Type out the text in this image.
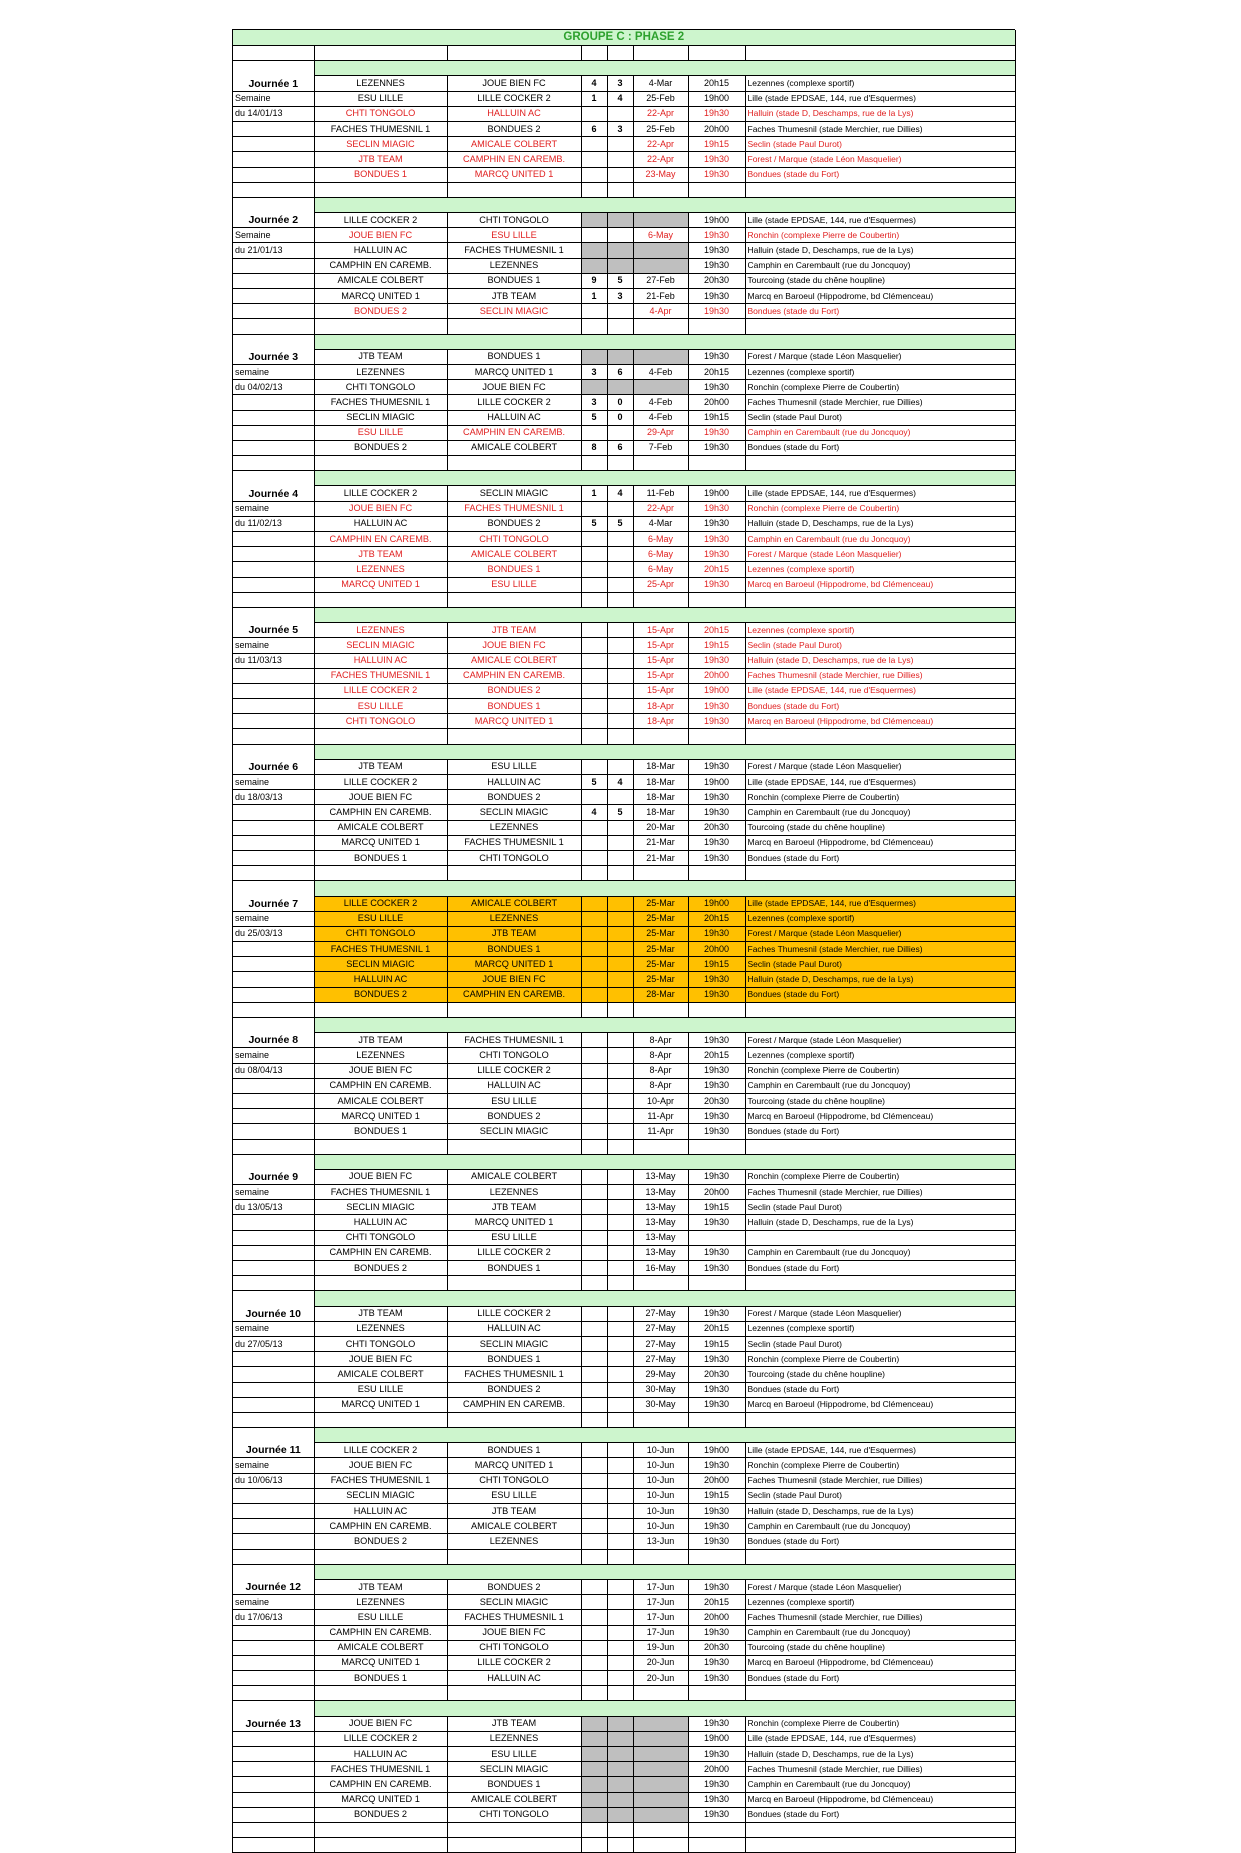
GROUPE C : PHASE 2							

Journée 1							
	LEZENNES	JOUE BIEN FC	4	3	4-Mar	20h15	Lezennes (complexe sportif)
Semaine	ESU LILLE	LILLE COCKER 2	1	4	25-Feb	19h00	Lille (stade EPDSAE, 144, rue d'Esquermes)
du 14/01/13	CHTI TONGOLO	HALLUIN AC			22-Apr	19h30	Halluin (stade D, Deschamps, rue de la Lys)
	FACHES THUMESNIL 1	BONDUES 2	6	3	25-Feb	20h00	Faches Thumesnil (stade Merchier, rue Dillies)
	SECLIN MIAGIC	AMICALE COLBERT			22-Apr	19h15	Seclin (stade Paul Durot)
	JTB TEAM	CAMPHIN EN CAREMB.			22-Apr	19h30	Forest / Marque (stade Léon Masquelier)
	BONDUES 1	MARCQ UNITED 1			23-May	19h30	Bondues (stade du Fort)

Journée 2							
	LILLE COCKER 2	CHTI TONGOLO				19h00	Lille (stade EPDSAE, 144, rue d'Esquermes)
Semaine	JOUE BIEN FC	ESU LILLE			6-May	19h30	Ronchin (complexe Pierre de Coubertin)
du 21/01/13	HALLUIN AC	FACHES THUMESNIL 1				19h30	Halluin (stade D, Deschamps, rue de la Lys)
	CAMPHIN EN CAREMB.	LEZENNES				19h30	Camphin en Carembault (rue du Joncquoy)
	AMICALE COLBERT	BONDUES 1	9	5	27-Feb	20h30	Tourcoing (stade du chêne houpline)
	MARCQ UNITED 1	JTB TEAM	1	3	21-Feb	19h30	Marcq en Baroeul (Hippodrome, bd Clémenceau)
	BONDUES 2	SECLIN MIAGIC			4-Apr	19h30	Bondues (stade du Fort)

Journée 3							
	JTB TEAM	BONDUES 1				19h30	Forest / Marque (stade Léon Masquelier)
semaine	LEZENNES	MARCQ UNITED 1	3	6	4-Feb	20h15	Lezennes (complexe sportif)
du 04/02/13	CHTI TONGOLO	JOUE BIEN FC				19h30	Ronchin (complexe Pierre de Coubertin)
	FACHES THUMESNIL 1	LILLE COCKER 2	3	0	4-Feb	20h00	Faches Thumesnil (stade Merchier, rue Dillies)
	SECLIN MIAGIC	HALLUIN AC	5	0	4-Feb	19h15	Seclin (stade Paul Durot)
	ESU LILLE	CAMPHIN EN CAREMB.			29-Apr	19h30	Camphin en Carembault (rue du Joncquoy)
	BONDUES 2	AMICALE COLBERT	8	6	7-Feb	19h30	Bondues (stade du Fort)

Journée 4							
	LILLE COCKER 2	SECLIN MIAGIC	1	4	11-Feb	19h00	Lille (stade EPDSAE, 144, rue d'Esquermes)
semaine	JOUE BIEN FC	FACHES THUMESNIL 1			22-Apr	19h30	Ronchin (complexe Pierre de Coubertin)
du 11/02/13	HALLUIN AC	BONDUES 2	5	5	4-Mar	19h30	Halluin (stade D, Deschamps, rue de la Lys)
	CAMPHIN EN CAREMB.	CHTI TONGOLO			6-May	19h30	Camphin en Carembault (rue du Joncquoy)
	JTB TEAM	AMICALE COLBERT			6-May	19h30	Forest / Marque (stade Léon Masquelier)
	LEZENNES	BONDUES 1			6-May	20h15	Lezennes (complexe sportif)
	MARCQ UNITED 1	ESU LILLE			25-Apr	19h30	Marcq en Baroeul (Hippodrome, bd Clémenceau)

Journée 5							
	LEZENNES	JTB TEAM			15-Apr	20h15	Lezennes (complexe sportif)
semaine	SECLIN MIAGIC	JOUE BIEN FC			15-Apr	19h15	Seclin (stade Paul Durot)
du 11/03/13	HALLUIN AC	AMICALE COLBERT			15-Apr	19h30	Halluin (stade D, Deschamps, rue de la Lys)
	FACHES THUMESNIL 1	CAMPHIN EN CAREMB.			15-Apr	20h00	Faches Thumesnil (stade Merchier, rue Dillies)
	LILLE COCKER 2	BONDUES 2			15-Apr	19h00	Lille (stade EPDSAE, 144, rue d'Esquermes)
	ESU LILLE	BONDUES 1			18-Apr	19h30	Bondues (stade du Fort)
	CHTI TONGOLO	MARCQ UNITED 1			18-Apr	19h30	Marcq en Baroeul (Hippodrome, bd Clémenceau)

Journée 6							
	JTB TEAM	ESU LILLE			18-Mar	19h30	Forest / Marque (stade Léon Masquelier)
semaine	LILLE COCKER 2	HALLUIN AC	5	4	18-Mar	19h00	Lille (stade EPDSAE, 144, rue d'Esquermes)
du 18/03/13	JOUE BIEN FC	BONDUES 2			18-Mar	19h30	Ronchin (complexe Pierre de Coubertin)
	CAMPHIN EN CAREMB.	SECLIN MIAGIC	4	5	18-Mar	19h30	Camphin en Carembault (rue du Joncquoy)
	AMICALE COLBERT	LEZENNES			20-Mar	20h30	Tourcoing (stade du chêne houpline)
	MARCQ UNITED 1	FACHES THUMESNIL 1			21-Mar	19h30	Marcq en Baroeul (Hippodrome, bd Clémenceau)
	BONDUES 1	CHTI TONGOLO			21-Mar	19h30	Bondues (stade du Fort)

Journée 7							
	LILLE COCKER 2	AMICALE COLBERT			25-Mar	19h00	Lille (stade EPDSAE, 144, rue d'Esquermes)
semaine	ESU LILLE	LEZENNES			25-Mar	20h15	Lezennes (complexe sportif)
du 25/03/13	CHTI TONGOLO	JTB TEAM			25-Mar	19h30	Forest / Marque (stade Léon Masquelier)
	FACHES THUMESNIL 1	BONDUES 1			25-Mar	20h00	Faches Thumesnil (stade Merchier, rue Dillies)
	SECLIN MIAGIC	MARCQ UNITED 1			25-Mar	19h15	Seclin (stade Paul Durot)
	HALLUIN AC	JOUE BIEN FC			25-Mar	19h30	Halluin (stade D, Deschamps, rue de la Lys)
	BONDUES 2	CAMPHIN EN CAREMB.			28-Mar	19h30	Bondues (stade du Fort)

Journée 8							
	JTB TEAM	FACHES THUMESNIL 1			8-Apr	19h30	Forest / Marque (stade Léon Masquelier)
semaine	LEZENNES	CHTI TONGOLO			8-Apr	20h15	Lezennes (complexe sportif)
du 08/04/13	JOUE BIEN FC	LILLE COCKER 2			8-Apr	19h30	Ronchin (complexe Pierre de Coubertin)
	CAMPHIN EN CAREMB.	HALLUIN AC			8-Apr	19h30	Camphin en Carembault (rue du Joncquoy)
	AMICALE COLBERT	ESU LILLE			10-Apr	20h30	Tourcoing (stade du chêne houpline)
	MARCQ UNITED 1	BONDUES 2			11-Apr	19h30	Marcq en Baroeul (Hippodrome, bd Clémenceau)
	BONDUES 1	SECLIN MIAGIC			11-Apr	19h30	Bondues (stade du Fort)

Journée 9							
	JOUE BIEN FC	AMICALE COLBERT			13-May	19h30	Ronchin (complexe Pierre de Coubertin)
semaine	FACHES THUMESNIL 1	LEZENNES			13-May	20h00	Faches Thumesnil (stade Merchier, rue Dillies)
du 13/05/13	SECLIN MIAGIC	JTB TEAM			13-May	19h15	Seclin (stade Paul Durot)
	HALLUIN AC	MARCQ UNITED 1			13-May	19h30	Halluin (stade D, Deschamps, rue de la Lys)
	CHTI TONGOLO	ESU LILLE			13-May		
	CAMPHIN EN CAREMB.	LILLE COCKER 2			13-May	19h30	Camphin en Carembault (rue du Joncquoy)
	BONDUES 2	BONDUES 1			16-May	19h30	Bondues (stade du Fort)

Journée 10							
	JTB TEAM	LILLE COCKER 2			27-May	19h30	Forest / Marque (stade Léon Masquelier)
semaine	LEZENNES	HALLUIN AC			27-May	20h15	Lezennes (complexe sportif)
du 27/05/13	CHTI TONGOLO	SECLIN MIAGIC			27-May	19h15	Seclin (stade Paul Durot)
	JOUE BIEN FC	BONDUES 1			27-May	19h30	Ronchin (complexe Pierre de Coubertin)
	AMICALE COLBERT	FACHES THUMESNIL 1			29-May	20h30	Tourcoing (stade du chêne houpline)
	ESU LILLE	BONDUES 2			30-May	19h30	Bondues (stade du Fort)
	MARCQ UNITED 1	CAMPHIN EN CAREMB.			30-May	19h30	Marcq en Baroeul (Hippodrome, bd Clémenceau)

Journée 11							
	LILLE COCKER 2	BONDUES 1			10-Jun	19h00	Lille (stade EPDSAE, 144, rue d'Esquermes)
semaine	JOUE BIEN FC	MARCQ UNITED 1			10-Jun	19h30	Ronchin (complexe Pierre de Coubertin)
du 10/06/13	FACHES THUMESNIL 1	CHTI TONGOLO			10-Jun	20h00	Faches Thumesnil (stade Merchier, rue Dillies)
	SECLIN MIAGIC	ESU LILLE			10-Jun	19h15	Seclin (stade Paul Durot)
	HALLUIN AC	JTB TEAM			10-Jun	19h30	Halluin (stade D, Deschamps, rue de la Lys)
	CAMPHIN EN CAREMB.	AMICALE COLBERT			10-Jun	19h30	Camphin en Carembault (rue du Joncquoy)
	BONDUES 2	LEZENNES			13-Jun	19h30	Bondues (stade du Fort)

Journée 12							
	JTB TEAM	BONDUES 2			17-Jun	19h30	Forest / Marque (stade Léon Masquelier)
semaine	LEZENNES	SECLIN MIAGIC			17-Jun	20h15	Lezennes (complexe sportif)
du 17/06/13	ESU LILLE	FACHES THUMESNIL 1			17-Jun	20h00	Faches Thumesnil (stade Merchier, rue Dillies)
	CAMPHIN EN CAREMB.	JOUE BIEN FC			17-Jun	19h30	Camphin en Carembault (rue du Joncquoy)
	AMICALE COLBERT	CHTI TONGOLO			19-Jun	20h30	Tourcoing (stade du chêne houpline)
	MARCQ UNITED 1	LILLE COCKER 2			20-Jun	19h30	Marcq en Baroeul (Hippodrome, bd Clémenceau)
	BONDUES 1	HALLUIN AC			20-Jun	19h30	Bondues (stade du Fort)

Journée 13							
	JOUE BIEN FC	JTB TEAM				19h30	Ronchin (complexe Pierre de Coubertin)
	LILLE COCKER 2	LEZENNES				19h00	Lille (stade EPDSAE, 144, rue d'Esquermes)
	HALLUIN AC	ESU LILLE				19h30	Halluin (stade D, Deschamps, rue de la Lys)
	FACHES THUMESNIL 1	SECLIN MIAGIC				20h00	Faches Thumesnil (stade Merchier, rue Dillies)
	CAMPHIN EN CAREMB.	BONDUES 1				19h30	Camphin en Carembault (rue du Joncquoy)
	MARCQ UNITED 1	AMICALE COLBERT				19h30	Marcq en Baroeul (Hippodrome, bd Clémenceau)
	BONDUES 2	CHTI TONGOLO				19h30	Bondues (stade du Fort)
